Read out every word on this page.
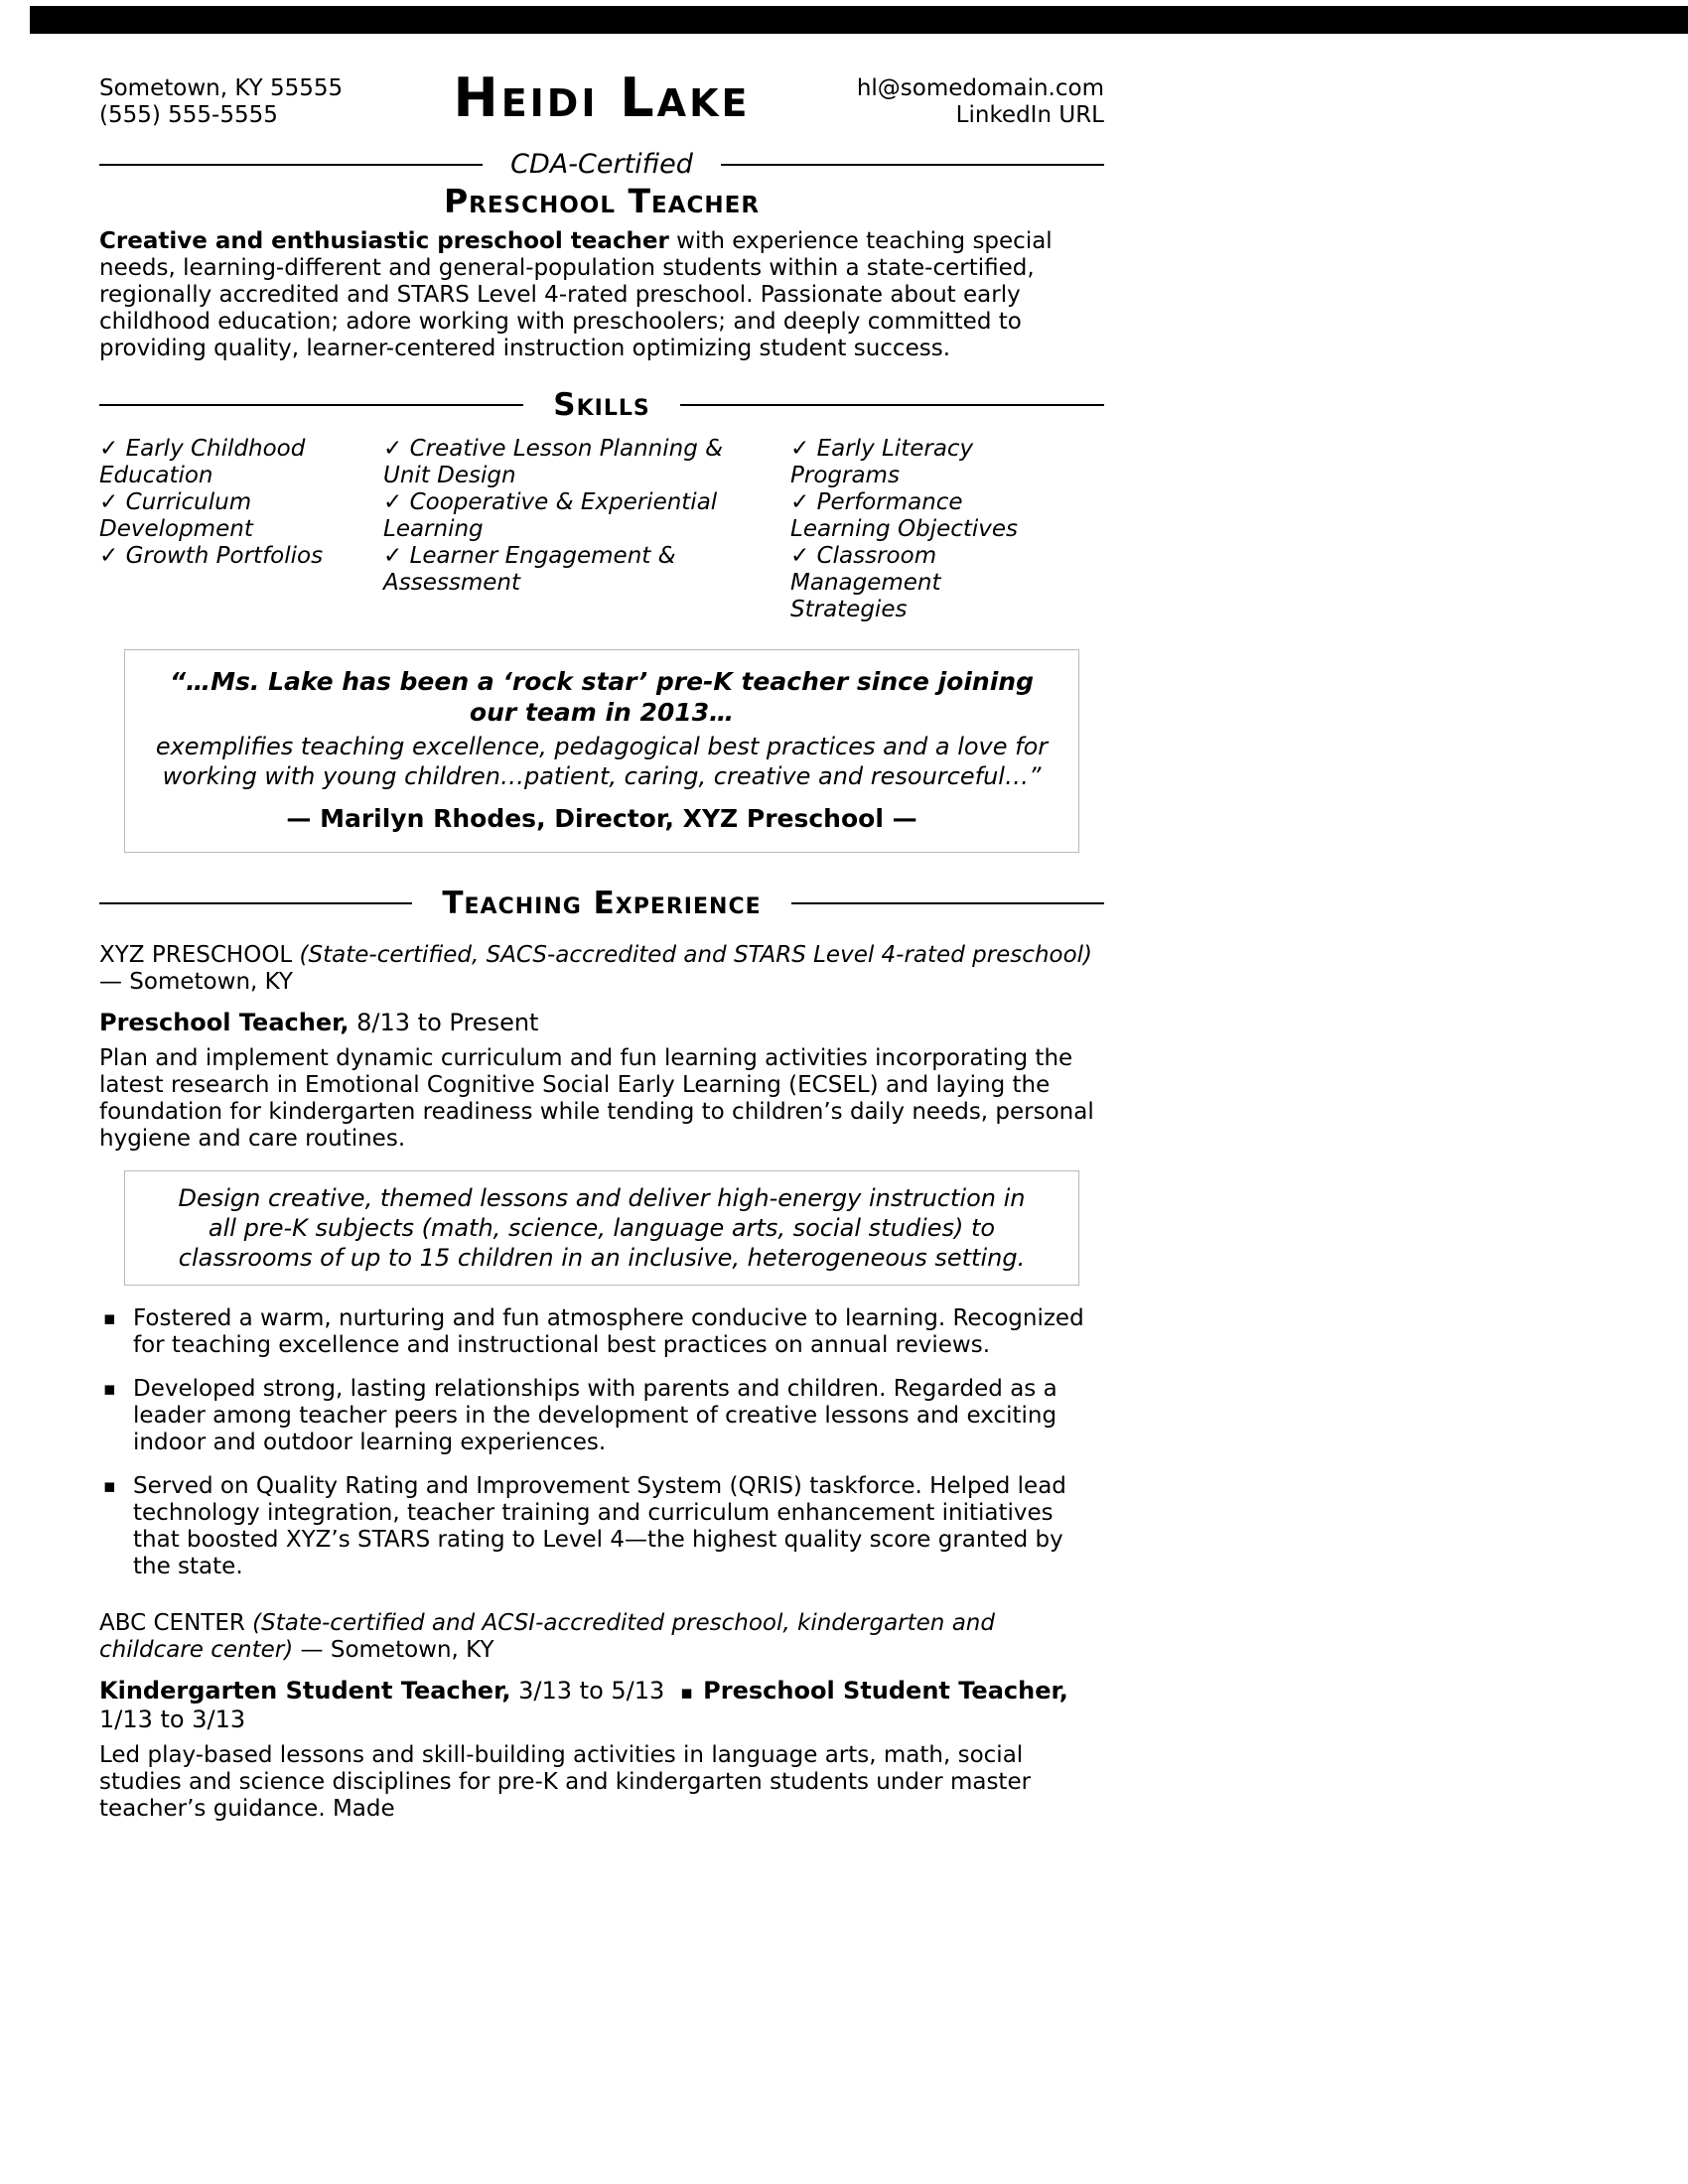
Sometown, KY 55555
(555) 555-5555	Heidi Lake	hl@somedomain.com
LinkedIn URL
CDA-Certified
Preschool Teacher

Creative and enthusiastic preschool teacher with experience teaching special needs, learning-different and general-population students within a state-certified, regionally accredited and STARS Level 4-rated preschool. Passionate about early childhood education; adore working with preschoolers; and deeply committed to providing quality, learner-centered instruction optimizing student success.

Skills

✓ Early Childhood Education

✓ Curriculum Development

✓ Growth Portfolios

✓ Creative Lesson Planning & Unit Design

✓ Cooperative & Experiential Learning

✓ Learner Engagement & Assessment

✓ Early Literacy Programs

✓ Performance Learning Objectives

✓ Classroom Management Strategies

“…Ms. Lake has been a ‘rock star’ pre-K teacher since joining our team in 2013…

exemplifies teaching excellence, pedagogical best practices and a love for working with young children…patient, caring, creative and resourceful…”

— Marilyn Rhodes, Director, XYZ Preschool —

Teaching Experience

XYZ PRESCHOOL (State-certified, SACS-accredited and STARS Level 4-rated preschool) — Sometown, KY

Preschool Teacher, 8/13 to Present

Plan and implement dynamic curriculum and fun learning activities incorporating the latest research in Emotional Cognitive Social Early Learning (ECSEL) and laying the foundation for kindergarten readiness while tending to children’s daily needs, personal hygiene and care routines.

Design creative, themed lessons and deliver high-energy instruction in all pre-K subjects (math, science, language arts, social studies) to classrooms of up to 15 children in an inclusive, heterogeneous setting.

▪ Fostered a warm, nurturing and fun atmosphere conducive to learning. Recognized for teaching excellence and instructional best practices on annual reviews.

▪ Developed strong, lasting relationships with parents and children. Regarded as a leader among teacher peers in the development of creative lessons and exciting indoor and outdoor learning experiences.

▪ Served on Quality Rating and Improvement System (QRIS) taskforce. Helped lead technology integration, teacher training and curriculum enhancement initiatives that boosted XYZ’s STARS rating to Level 4—the highest quality score granted by the state.

ABC CENTER (State-certified and ACSI-accredited preschool, kindergarten and childcare center) — Sometown, KY

Kindergarten Student Teacher, 3/13 to 5/13 ▪ Preschool Student Teacher, 1/13 to 3/13

Led play-based lessons and skill-building activities in language arts, math, social studies and science disciplines for pre-K and kindergarten students under master teacher’s guidance. Made
